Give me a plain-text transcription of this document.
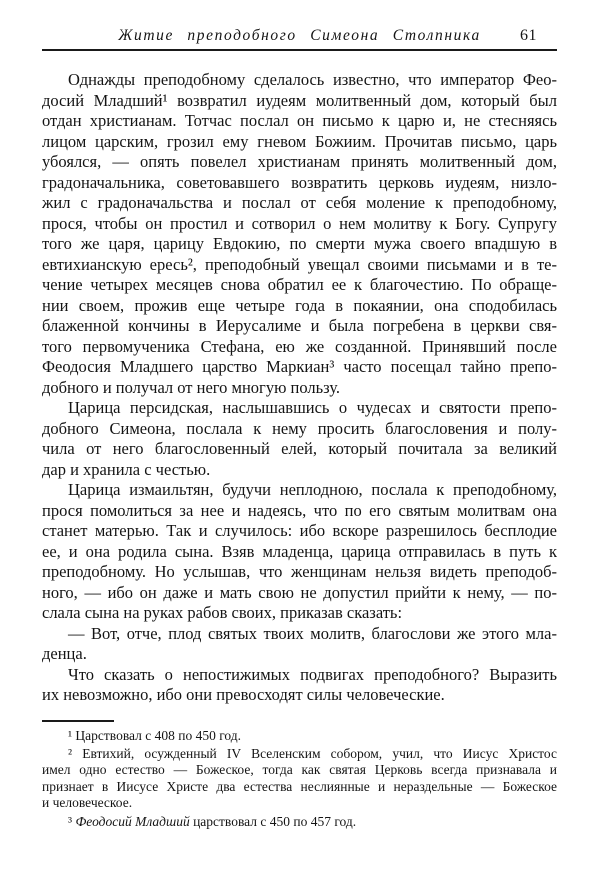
Житие преподобного Симеона Столпника 61
Однажды преподобному сделалось известно, что император Фео-
досий Младший¹ возвратил иудеям молитвенный дом, который был
отдан христианам. Тотчас послал он письмо к царю и, не стесняясь
лицом царским, грозил ему гневом Божиим. Прочитав письмо, царь
убоялся, — опять повелел христианам принять молитвенный дом,
градоначальника, советовавшего возвратить церковь иудеям, низло-
жил с градоначальства и послал от себя моление к преподобному,
прося, чтобы он простил и сотворил о нем молитву к Богу. Супругу
того же царя, царицу Евдокию, по смерти мужа своего впадшую в
евтихианскую ересь², преподобный увещал своими письмами и в те-
чение четырех месяцев снова обратил ее к благочестию. По обраще-
нии своем, прожив еще четыре года в покаянии, она сподобилась
блаженной кончины в Иерусалиме и была погребена в церкви свя-
того первомученика Стефана, ею же созданной. Принявший после
Феодосия Младшего царство Маркиан³ часто посещал тайно препо-
добного и получал от него многую пользу.
Царица персидская, наслышавшись о чудесах и святости препо-
добного Симеона, послала к нему просить благословения и полу-
чила от него благословенный елей, который почитала за великий
дар и хранила с честью.
Царица измаильтян, будучи неплодною, послала к преподобному,
прося помолиться за нее и надеясь, что по его святым молитвам она
станет матерью. Так и случилось: ибо вскоре разрешилось бесплодие
ее, и она родила сына. Взяв младенца, царица отправилась в путь к
преподобному. Но услышав, что женщинам нельзя видеть преподоб-
ного, — ибо он даже и мать свою не допустил прийти к нему, — по-
слала сына на руках рабов своих, приказав сказать:
— Вот, отче, плод святых твоих молитв, благослови же этого мла-
денца.
Что сказать о непостижимых подвигах преподобного? Выразить
их невозможно, ибо они превосходят силы человеческие.
¹ Царствовал с 408 по 450 год.
² Евтихий, осужденный IV Вселенским собором, учил, что Иисус Христос
имел одно естество — Божеское, тогда как святая Церковь всегда признавала и
признает в Иисусе Христе два естества неслиянные и нераздельные — Божеское
и человеческое.
³ Феодосий Младший царствовал с 450 по 457 год.
